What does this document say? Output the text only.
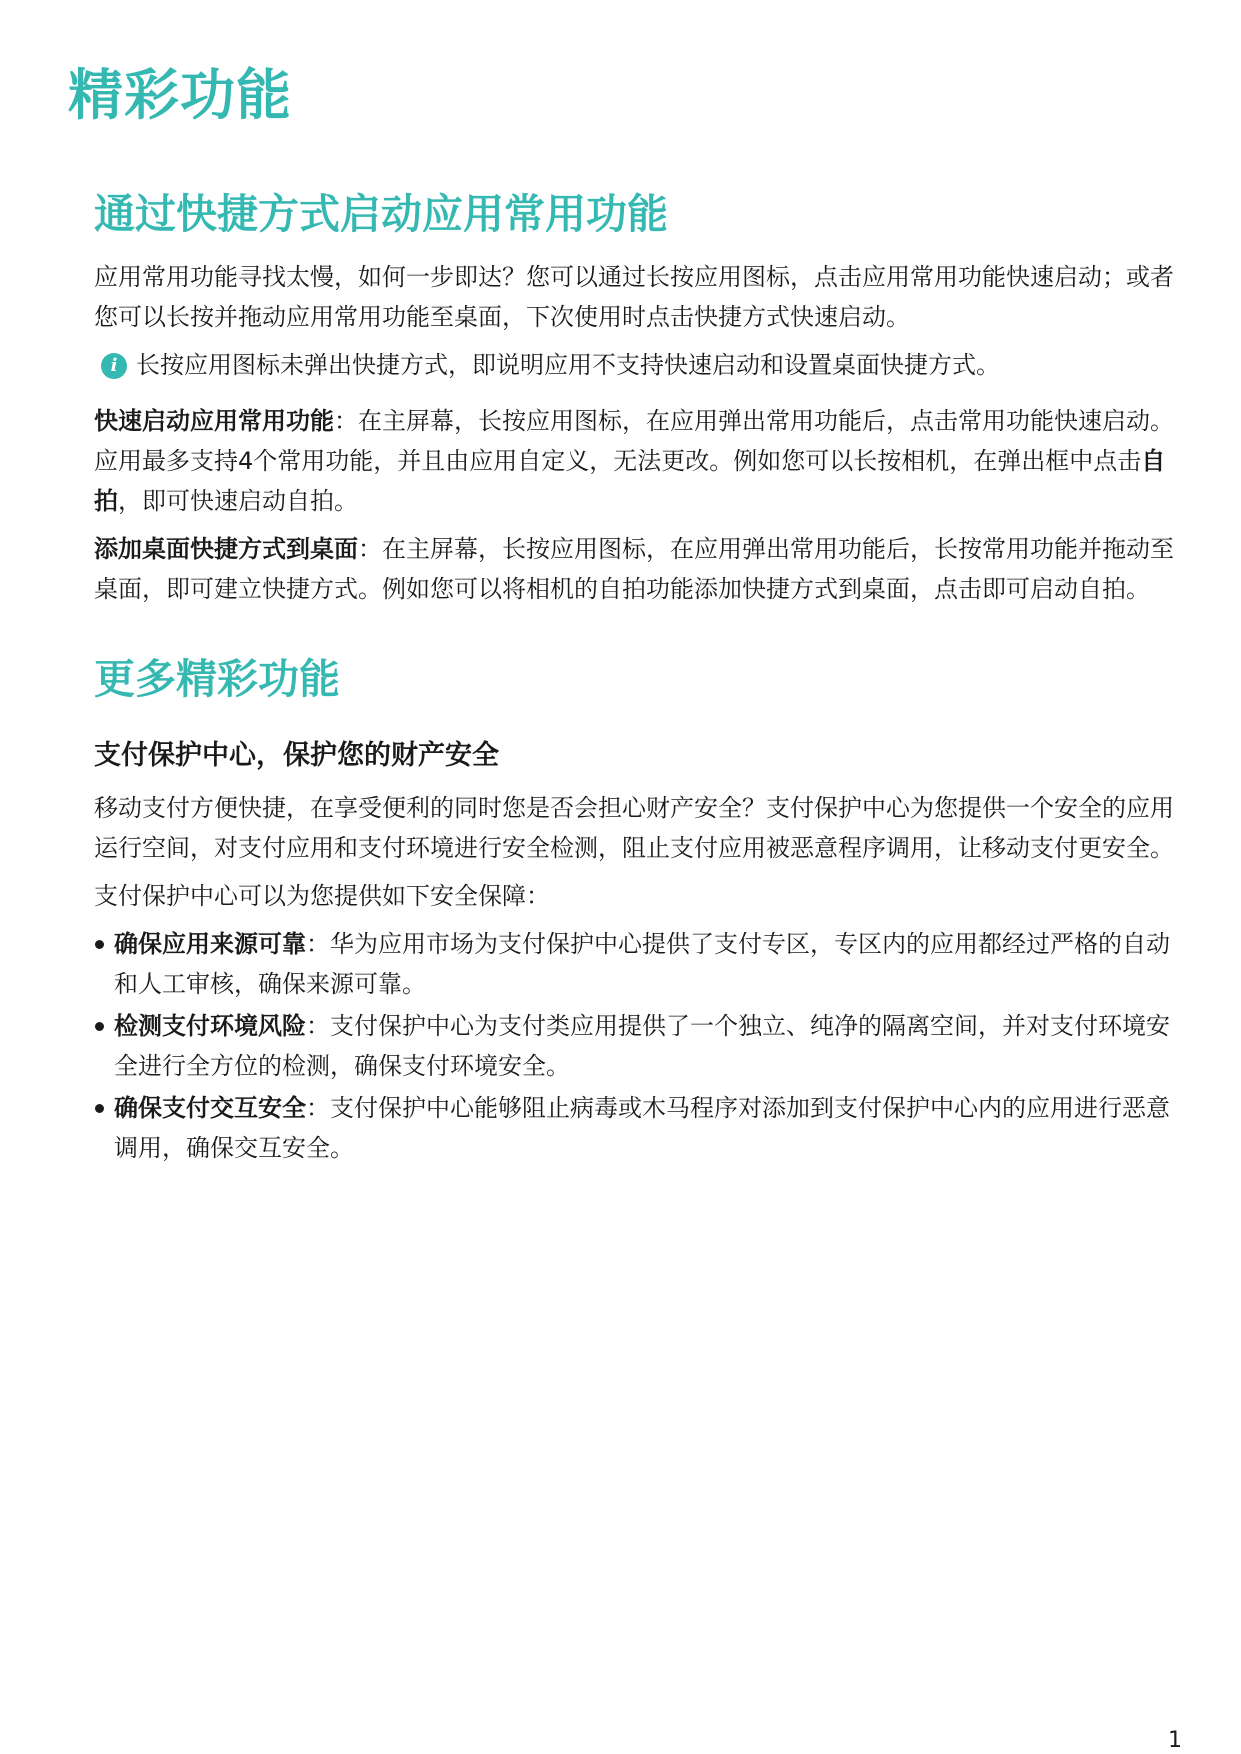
精彩功能
通过快捷方式启动应用常用功能

应用常用功能寻找太慢，如何一步即达？您可以通过长按应用图标，点击应用常用功能快速启动；或者您可以长按并拖动应用常用功能至桌面，下次使用时点击快捷方式快速启动。

i 长按应用图标未弹出快捷方式，即说明应用不支持快速启动和设置桌面快捷方式。

快速启动应用常用功能：在主屏幕，长按应用图标，在应用弹出常用功能后，点击常用功能快速启动。应用最多支持4个常用功能，并且由应用自定义，无法更改。例如您可以长按相机，在弹出框中点击自拍，即可快速启动自拍。

添加桌面快捷方式到桌面：在主屏幕，长按应用图标，在应用弹出常用功能后，长按常用功能并拖动至桌面，即可建立快捷方式。例如您可以将相机的自拍功能添加快捷方式到桌面，点击即可启动自拍。

更多精彩功能
支付保护中心，保护您的财产安全

移动支付方便快捷，在享受便利的同时您是否会担心财产安全？支付保护中心为您提供一个安全的应用运行空间，对支付应用和支付环境进行安全检测，阻止支付应用被恶意程序调用，让移动支付更安全。

支付保护中心可以为您提供如下安全保障：

确保应用来源可靠：华为应用市场为支付保护中心提供了支付专区，专区内的应用都经过严格的自动和人工审核，确保来源可靠。
检测支付环境风险：支付保护中心为支付类应用提供了一个独立、纯净的隔离空间，并对支付环境安全进行全方位的检测，确保支付环境安全。
确保支付交互安全：支付保护中心能够阻止病毒或木马程序对添加到支付保护中心内的应用进行恶意调用，确保交互安全。
1
